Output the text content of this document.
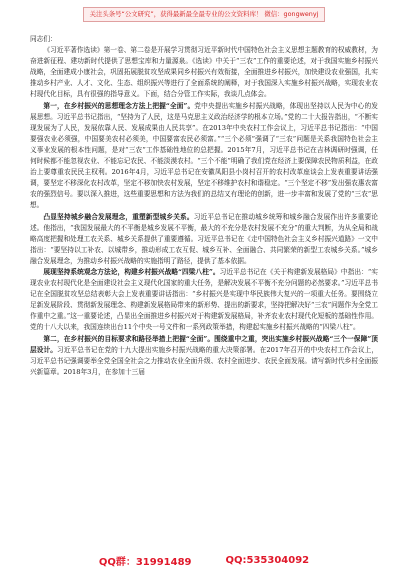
关注头条号“公文研究”，获得最新最全最专业的公文资料库！ 微信：gongwenyj

同志们：

《习近平著作选读》第一卷、第二卷是开展学习贯彻习近平新时代中国特色社会主义思想主题教育的权威教材，为奋进新征程、建功新时代提供了思想宝库和力量源泉。《选读》中关于“三农”工作的重要论述，对于我国实施乡村振兴战略，全面建成小康社会，巩固拓展脱贫攻坚成果同乡村振兴有效衔接，全面推进乡村振兴，加快建设农业强国，扎实推动乡村产业、人才、文化、生态、组织振兴等进行了全面系统的阐释，对于我国深入实施乡村振兴战略，实现农业农村现代化目标，具有很强的指导意义。下面，结合分管工作实际，我谈几点体会。

第一，在乡村振兴的思想理念方法上把握“全面”。党中央提出实施乡村振兴战略，体现出坚持以人民为中心的发展思想。习近平总书记指出，“坚持为了人民，这是马克思主义政治经济学的根本立场。”党的二十大报告指出，“不断实现发展为了人民，发展依靠人民、发展成果由人民共享”。在2013年中央农村工作会议上，习近平总书记指出：“中国要强农业必须强，中国要美农村必须美，中国要富农民必须富。”“三个必须”强调了“三农”问题是关系我国特色社会主义事业发展的根本性问题，是对“三农”工作基础性地位的总把握。2015年7月，习近平总书记在吉林调研时强调，任何时候都不能忽视农业、不能忘记农民、不能淡漠农村。“三个不能”明确了我们党在经济上要保障农民物质利益，在政治上要尊重农民民主权利。2016年4月，习近平总书记在安徽凤阳县小岗村召开的农村改革座谈会上发表重要讲话强调，要坚定不移深化农村改革，坚定不移加快农村发展，坚定不移维护农村和谐稳定。“三个坚定不移”发出强农惠农富农的强烈信号。要以深入推进，这些重要思想和方法为我们的总结又有理论的创新，进一步丰富和发展了党的“三农”思想。

凸显坚持城乡融合发展理念，重塑新型城乡关系。习近平总书记在推动城乡统筹和城乡融合发展作出许多重要论述。他指出，“我国发展最大的不平衡是城乡发展不平衡，最大的不充分是农村发展不充分”的重大判断，为从全局和战略高度把握和处理工农关系、城乡关系提供了重要遵循。习近平总书记在《走中国特色社会主义乡村振兴道路》一文中指出：“要坚持以工补农、以城带乡，推动形成工农互促、城乡互补、全面融合、共同繁荣的新型工农城乡关系。”城乡融合发展理念，为推动乡村振兴战略的实施指明了路径，提供了基本依据。

展现坚持系统观念方法论，构建乡村振兴战略“四梁八柱”。习近平总书记在《关于构建新发展格局》中指出：“实现农业农村现代化是全面建设社会主义现代化国家的重大任务，是解决发展不平衡不充分问题的必然要求。”习近平总书记在全国脱贫攻坚总结表彰大会上发表重要讲话指出：“乡村振兴是实现中华民族伟大复兴的一项重大任务。要围绕立足新发展阶段、贯彻新发展理念、构建新发展格局带来的新形势、提出的新要求，坚持把解决好“三农”问题作为全党工作重中之重。”这一重要论述，凸显出全面推进乡村振兴对于构建新发展格局，补齐农业农村现代化短板的基础性作用。党的十八大以来，我国连续出台11个中央一号文件和一系列政策举措，构建起实施乡村振兴战略的“四梁八柱”。

第二，在乡村振兴的目标要求和路径举措上把握“全面”。围绕重中之重，突出实施乡村振兴战略“三个一保障”顶层设计。习近平总书记在党的十九大提出实施乡村振兴战略的重大决策部署。在2017年召开的中央农村工作会议上，习近平总书记强调要举全党全国全社会之力推动农业全面升级、农村全面进步、农民全面发展。请写新时代乡村全面振兴新篇章。2018年3月，在参加十三届

QQ群：31991489	QQ:535304092
